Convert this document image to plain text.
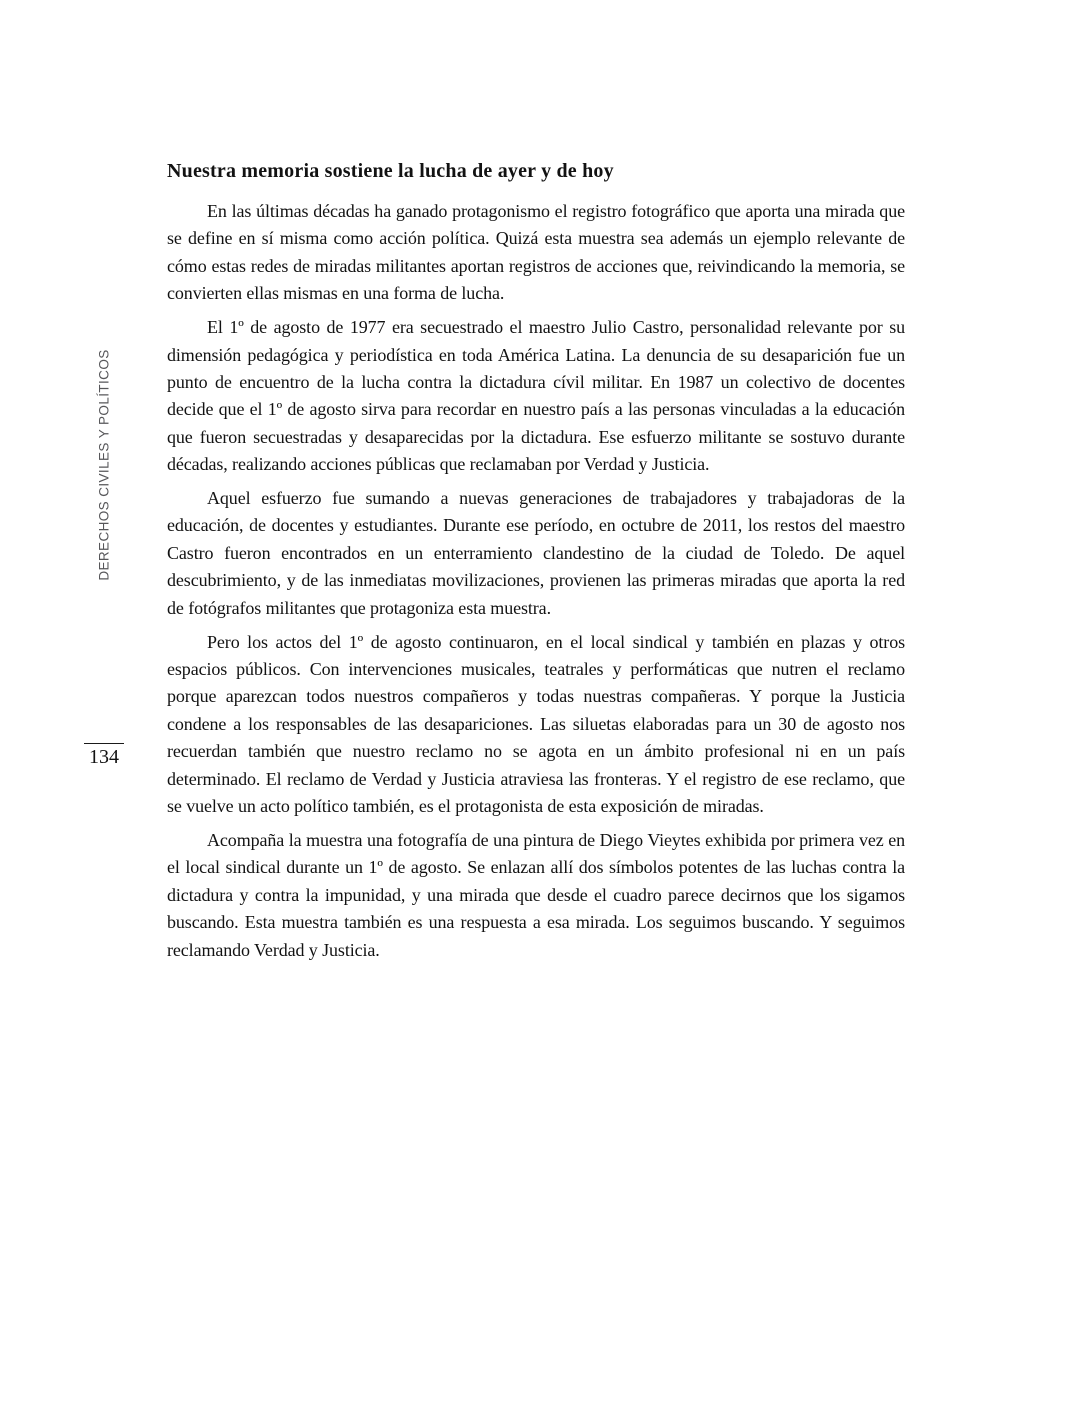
DERECHOS CIVILES Y POLÍTICOS
134
Nuestra memoria sostiene la lucha de ayer y de hoy

En las últimas décadas ha ganado protagonismo el registro fotográfico que aporta una mirada que se define en sí misma como acción política. Quizá esta muestra sea además un ejemplo relevante de cómo estas redes de miradas militantes aportan registros de acciones que, reivindicando la memoria, se convierten ellas mismas en una forma de lucha.

El 1º de agosto de 1977 era secuestrado el maestro Julio Castro, personalidad relevante por su dimensión pedagógica y periodística en toda América Latina. La denuncia de su desaparición fue un punto de encuentro de la lucha contra la dictadura cívil militar. En 1987 un colectivo de docentes decide que el 1º de agosto sirva para recordar en nuestro país a las personas vinculadas a la educación que fueron secuestradas y desaparecidas por la dictadura. Ese esfuerzo militante se sostuvo durante décadas, realizando acciones públicas que reclamaban por Verdad y Justicia.

Aquel esfuerzo fue sumando a nuevas generaciones de trabajadores y trabajadoras de la educación, de docentes y estudiantes. Durante ese período, en octubre de 2011, los restos del maestro Castro fueron encontrados en un enterramiento clandestino de la ciudad de Toledo. De aquel descubrimiento, y de las inmediatas movilizaciones, provienen las primeras miradas que aporta la red de fotógrafos militantes que protagoniza esta muestra.

Pero los actos del 1º de agosto continuaron, en el local sindical y también en plazas y otros espacios públicos. Con intervenciones musicales, teatrales y performáticas que nutren el reclamo porque aparezcan todos nuestros compañeros y todas nuestras compañeras. Y porque la Justicia condene a los responsables de las desapariciones. Las siluetas elaboradas para un 30 de agosto nos recuerdan también que nuestro reclamo no se agota en un ámbito profesional ni en un país determinado. El reclamo de Verdad y Justicia atraviesa las fronteras. Y el registro de ese reclamo, que se vuelve un acto político también, es el protagonista de esta exposición de miradas.

Acompaña la muestra una fotografía de una pintura de Diego Vieytes exhibida por primera vez en el local sindical durante un 1º de agosto. Se enlazan allí dos símbolos potentes de las luchas contra la dictadura y contra la impunidad, y una mirada que desde el cuadro parece decirnos que los sigamos buscando. Esta muestra también es una respuesta a esa mirada. Los seguimos buscando. Y seguimos reclamando Verdad y Justicia.
